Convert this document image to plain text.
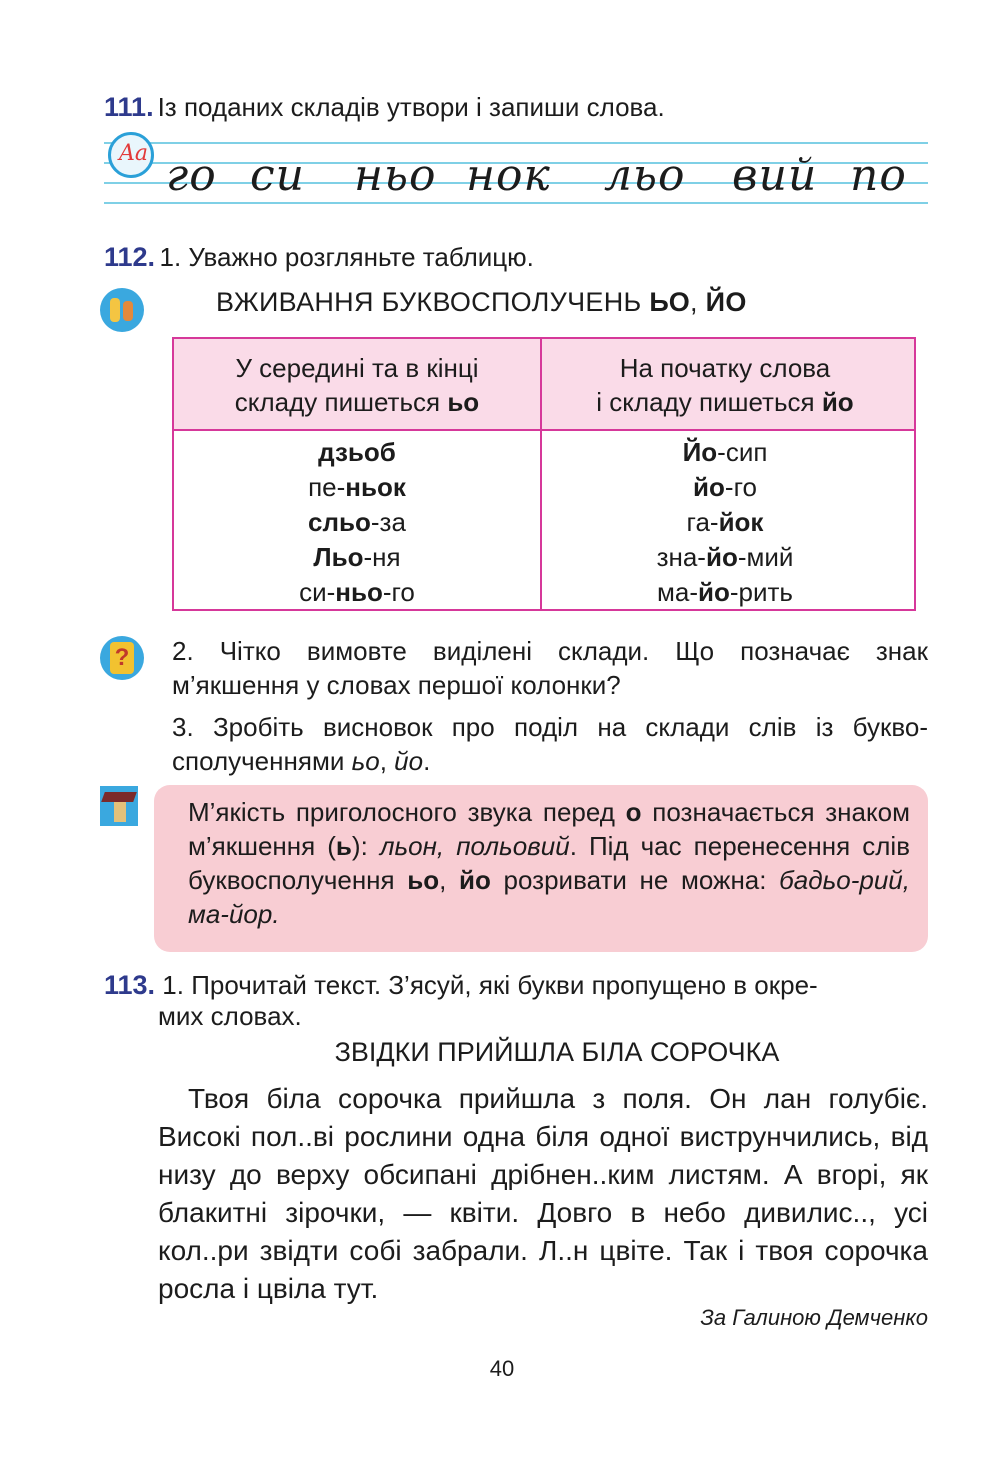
111. Із поданих складів утвори і запиши слова.
го си ньо нок льо вий по
Aa
112. 1. Уважно розгляньте таблицю.
ВЖИВАННЯ БУКВОСПОЛУЧЕНЬ ЬО, ЙО
У середині та в кінці
складу пишеться ьо
На початку слова
і складу пишеться йо
дзьоб
пе-ньок
сльо-за
Льо-ня
си-ньо-го
Йо-сип
йо-го
га-йок
зна-йо-мий
ма-йо-рить
? 2. Чітко вимовте виділені склади. Що позначає знак м’якшення у словах першої колонки?
3. Зробіть висновок про поділ на склади слів із букво-сполученнями ьо, йо.
М’якість приголосного звука перед о позначається знаком м’якшення (ь): льон, польовий. Під час перенесення слів буквосполучення ьо, йо розривати не можна: бадьо-рий, ма-йор.
113. 1. Прочитай текст. З’ясуй, які букви пропущено в окре-
мих словах.
ЗВІДКИ ПРИЙШЛА БІЛА СОРОЧКА
Твоя біла сорочка прийшла з поля. Он лан голубіє. Високі пол..ві рослини одна біля одної виструнчились, від низу до верху обсипані дрібнен..ким листям. А вгорі, як блакитні зірочки, — квіти. Довго в небо дивилис.., усі кол..ри звідти собі забрали. Л..н цвіте. Так і твоя сорочка росла і цвіла тут.
За Галиною Демченко
40
